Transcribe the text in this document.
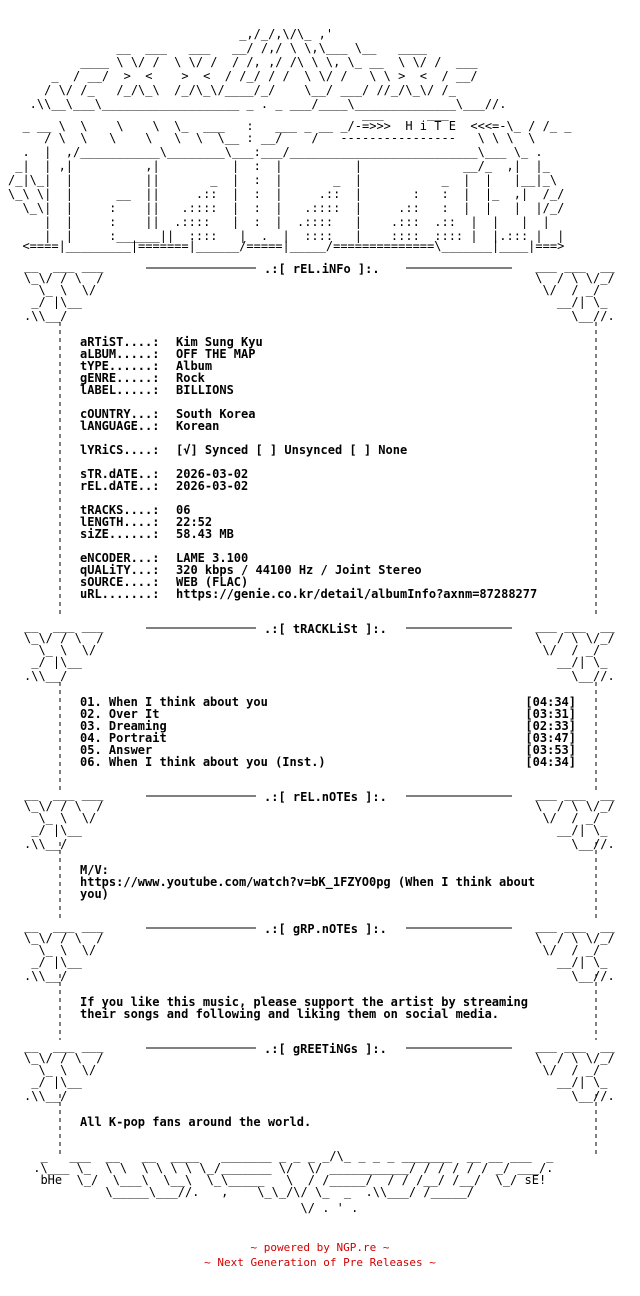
_,/_/,\/\_ ,'
__  ___   ___   __/ /,/ \ \,\___ \__   ____
____ \ \/ /  \ \/ /  / /, ,/ /\ \ \, \_ __  \ \/ /  ___
_  / __/  >  <    >  <  / /_/ / /  \ \/ /   \ \ >  <  / __/
/ \/ /_   /_/\_\  /_/\_\/____/_/    \__/ ___/ //_/\_\/ /_
.\\__\___\___________________ _ . _ ___/____\______________\___//.
___      ___
_ __ \  \    \    \  \_  ___   :   ___ _ __ _/-=>>>  H i T E  <<<=-\_ / /_ _
/ \  \   \    \   \  \  \__ : __/    /   ----------------   \ \ \  \
.  |  ,/___________\________\___:___/__________________________\___ \_ .
_|  | ,|          ,|          |  :  |          |              __/_  ,|  |_
/_|\_|  |          ||       _  |  :  |       _  |           _  |  |   |__|_\
\_\ \|  |      __  ||     .::  |  :  |     .::  |       :   :  |  |_  ,|  /_/
\_\|  |     :    ||   .::::  |  :  |   .::::  |     .::   :  |  |   |  |/_/
|  |     :    ||  .::::   |  :  |  .::::   |    .:::  .::  |  |   |  |
|  |     :______||  ::::   |  .  |  ::::   |    ::::  :::: |  |.::: |  |
<====|_________|=======|______/=====|_____/==============\_______|____|===>
__  ___ ___
\_\/ / \  /
\_ \  \/
_/ |\__
.\\__/
___ ___  __
\  / \ \/_/
\/  / _/
__/| \_
\__//.
.:[ rEL.iNFo ]:.
aRTiST....: Kim Sung Kyu
aLBUM.....: OFF THE MAP
tYPE......: Album
gENRE.....: Rock
lABEL.....: BILLIONS
cOUNTRY...: South Korea
lANGUAGE..: Korean
lYRiCS....: [√] Synced [ ] Unsynced [ ] None
sTR.dATE..: 2026-03-02
rEL.dATE..: 2026-03-02
tRACKS....: 06
lENGTH....: 22:52
siZE......: 58.43 MB
eNCODER...: LAME 3.100
qUALiTY...: 320 kbps / 44100 Hz / Joint Stereo
sOURCE....: WEB (FLAC)
uRL.......: https://genie.co.kr/detail/albumInfo?axnm=87288277
__  ___ ___
\_\/ / \  /
\_ \  \/
_/ |\__
.\\__/
___ ___  __
\  / \ \/_/
\/  / _/
__/| \_
\__//.
.:[ tRACKLiSt ]:.
01. When I think about you	[04:34]
02. Over It	[03:31]
03. Dreaming	[02:33]
04. Portrait	[03:47]
05. Answer	[03:53]
06. When I think about you (Inst.)	[04:34]
__  ___ ___
\_\/ / \  /
\_ \  \/
_/ |\__
.\\__/
___ ___  __
\  / \ \/_/
\/  / _/
__/| \_
\__//.
.:[ rEL.nOTEs ]:.
M/V:
https://www.youtube.com/watch?v=bK_1FZYO0pg (When I think about
you)
__  ___ ___
\_\/ / \  /
\_ \  \/
_/ |\__
.\\__/
___ ___  __
\  / \ \/_/
\/  / _/
__/| \_
\__//.
.:[ gRP.nOTEs ]:.
If you like this music, please support the artist by streaming
their songs and following and liking them on social media.
__  ___ ___
\_\/ / \  /
\_ \  \/
_/ |\__
.\\__/
___ ___  __
\  / \ \/_/
\/  / _/
__/| \_
\__//.
.:[ gREETiNGs ]:.
All K-pop fans around the world.
_   ___  __   __  ____   _______ _ _ _ _/\_ _ _ _ _______  __ __ ___  _
.\___ \_  \ \  \ \ \ \ \_/_______ \/  \/ ___________/ / / / / / _/ ___/.
bHe  \_/  \___\  \__\  \_\_____   \  / /_____/  / / /__/ /__/  \_/ sE!
\_____\___//.   ,    \_\_/\/ \_  _  .\\___/ /_____/
\/ . ' .
~ powered by NGP.re ~
~ Next Generation of Pre Releases ~
